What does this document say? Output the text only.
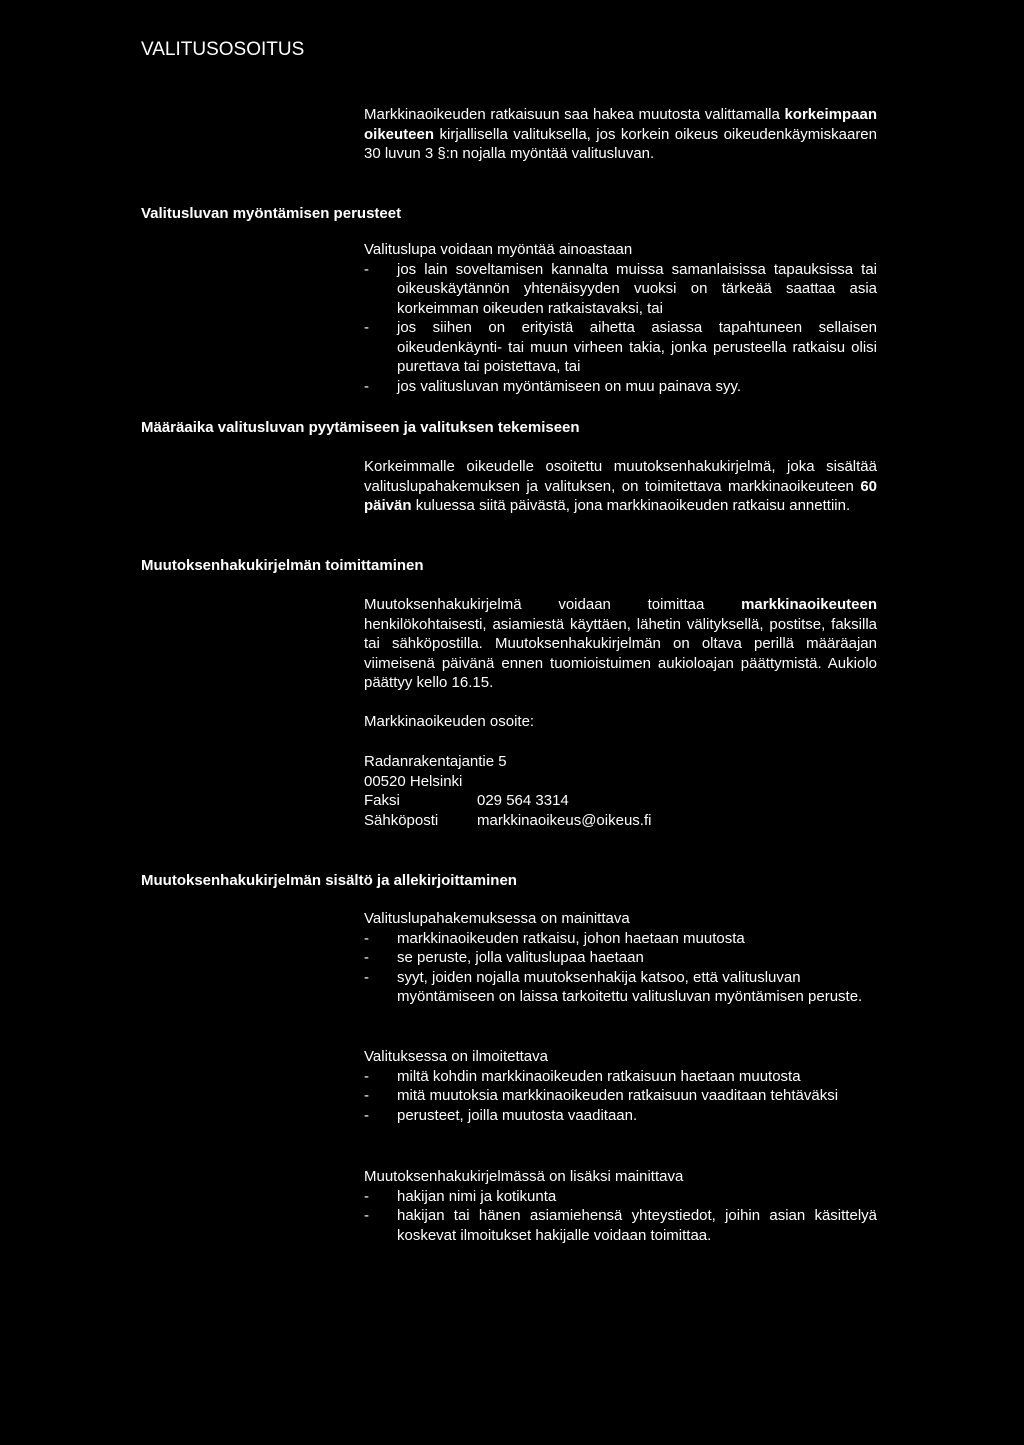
VALITUSOSOITUS
Markkinaoikeuden ratkaisuun saa hakea muutosta valittamalla korkeimpaan oikeuteen kirjallisella valituksella, jos korkein oikeus oikeudenkäymiskaaren 30 luvun 3 §:n nojalla myöntää valitusluvan.
Valitusluvan myöntämisen perusteet
Valituslupa voidaan myöntää ainoastaan
- jos lain soveltamisen kannalta muissa samanlaisissa tapauksissa tai oikeuskäytännön yhtenäisyyden vuoksi on tärkeää saattaa asia korkeimman oikeuden ratkaistavaksi, tai
- jos siihen on erityistä aihetta asiassa tapahtuneen sellaisen oikeudenkäynti- tai muun virheen takia, jonka perusteella ratkaisu olisi purettava tai poistettava, tai
- jos valitusluvan myöntämiseen on muu painava syy.
Määräaika valitusluvan pyytämiseen ja valituksen tekemiseen
Korkeimmalle oikeudelle osoitettu muutoksenhakukirjelmä, joka sisältää valituslupahakemuksen ja valituksen, on toimitettava markkinaoikeuteen 60 päivän kuluessa siitä päivästä, jona markkinaoikeuden ratkaisu annettiin.
Muutoksenhakukirjelmän toimittaminen
Muutoksenhakukirjelmä voidaan toimittaa markkinaoikeuteen henkilökohtaisesti, asiamiestä käyttäen, lähetin välityksellä, postitse, faksilla tai sähköpostilla. Muutoksenhakukirjelmän on oltava perillä määräajan viimeisenä päivänä ennen tuomioistuimen aukioloajan päättymistä. Aukiolo päättyy kello 16.15.
Markkinaoikeuden osoite:
Radanrakentajantie 5
00520 Helsinki
Faksi	029 564 3314
Sähköposti	markkinaoikeus@oikeus.fi
Muutoksenhakukirjelmän sisältö ja allekirjoittaminen
Valituslupahakemuksessa on mainittava
- markkinaoikeuden ratkaisu, johon haetaan muutosta
- se peruste, jolla valituslupaa haetaan
- syyt, joiden nojalla muutoksenhakija katsoo, että valitusluvan myöntämiseen on laissa tarkoitettu valitusluvan myöntämisen peruste.
Valituksessa on ilmoitettava
- miltä kohdin markkinaoikeuden ratkaisuun haetaan muutosta
- mitä muutoksia markkinaoikeuden ratkaisuun vaaditaan tehtäväksi
- perusteet, joilla muutosta vaaditaan.
Muutoksenhakukirjelmässä on lisäksi mainittava
- hakijan nimi ja kotikunta
- hakijan tai hänen asiamiehensä yhteystiedot, joihin asian käsittelyä koskevat ilmoitukset hakijalle voidaan toimittaa.
